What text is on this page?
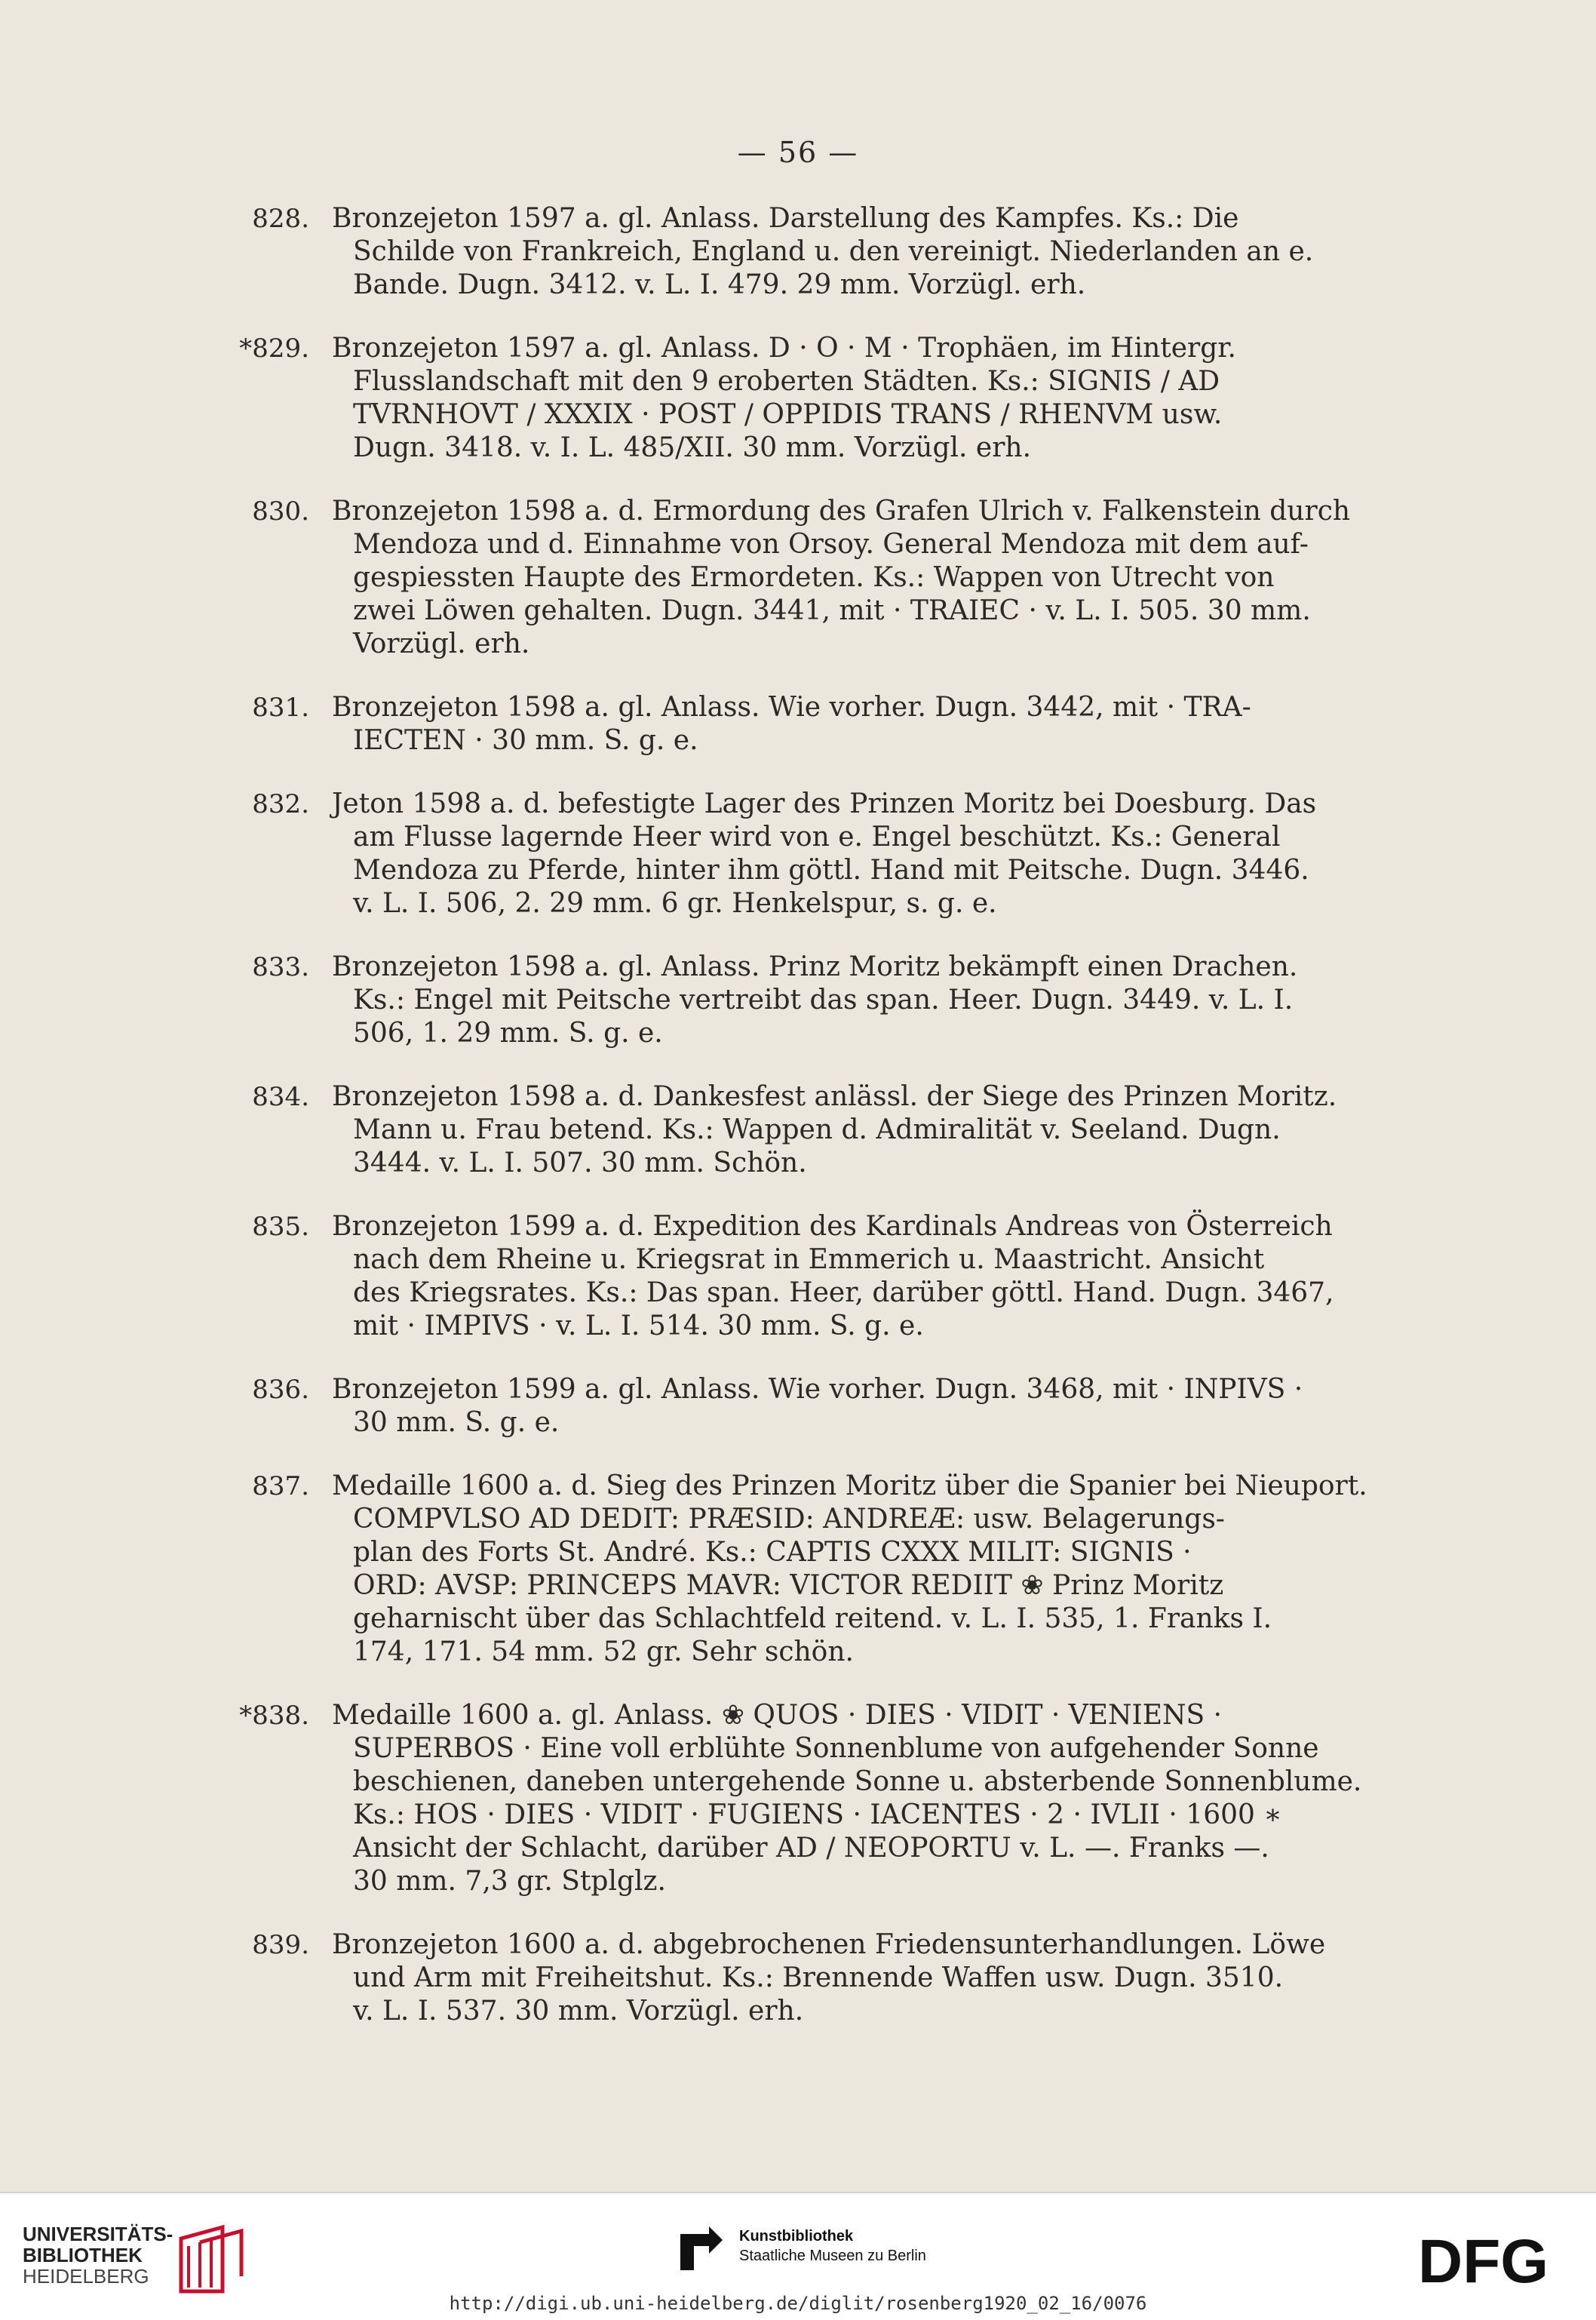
— 56 —
828. Bronzejeton 1597 a. gl. Anlass. Darstellung des Kampfes. Ks.: Die

Schilde von Frankreich, England u. den vereinigt. Niederlanden an e.

Bande. Dugn. 3412. v. L. I. 479. 29 mm. Vorzügl. erh.

*829. Bronzejeton 1597 a. gl. Anlass. D · O · M · Trophäen, im Hintergr.

Flusslandschaft mit den 9 eroberten Städten. Ks.: SIGNIS / AD

TVRNHOVT / XXXIX · POST / OPPIDIS TRANS / RHENVM usw.

Dugn. 3418. v. I. L. 485/XII. 30 mm. Vorzügl. erh.

830. Bronzejeton 1598 a. d. Ermordung des Grafen Ulrich v. Falkenstein durch

Mendoza und d. Einnahme von Orsoy. General Mendoza mit dem auf-

gespiessten Haupte des Ermordeten. Ks.: Wappen von Utrecht von

zwei Löwen gehalten. Dugn. 3441, mit · TRAIEC · v. L. I. 505. 30 mm.

Vorzügl. erh.

831. Bronzejeton 1598 a. gl. Anlass. Wie vorher. Dugn. 3442, mit · TRA-

IECTEN · 30 mm. S. g. e.

832. Jeton 1598 a. d. befestigte Lager des Prinzen Moritz bei Doesburg. Das

am Flusse lagernde Heer wird von e. Engel beschützt. Ks.: General

Mendoza zu Pferde, hinter ihm göttl. Hand mit Peitsche. Dugn. 3446.

v. L. I. 506, 2. 29 mm. 6 gr. Henkelspur, s. g. e.

833. Bronzejeton 1598 a. gl. Anlass. Prinz Moritz bekämpft einen Drachen.

Ks.: Engel mit Peitsche vertreibt das span. Heer. Dugn. 3449. v. L. I.

506, 1. 29 mm. S. g. e.

834. Bronzejeton 1598 a. d. Dankesfest anlässl. der Siege des Prinzen Moritz.

Mann u. Frau betend. Ks.: Wappen d. Admiralität v. Seeland. Dugn.

3444. v. L. I. 507. 30 mm. Schön.

835. Bronzejeton 1599 a. d. Expedition des Kardinals Andreas von Österreich

nach dem Rheine u. Kriegsrat in Emmerich u. Maastricht. Ansicht

des Kriegsrates. Ks.: Das span. Heer, darüber göttl. Hand. Dugn. 3467,

mit · IMPIVS · v. L. I. 514. 30 mm. S. g. e.

836. Bronzejeton 1599 a. gl. Anlass. Wie vorher. Dugn. 3468, mit · INPIVS ·

30 mm. S. g. e.

837. Medaille 1600 a. d. Sieg des Prinzen Moritz über die Spanier bei Nieuport.

COMPVLSO AD DEDIT: PRÆSID: ANDREÆ: usw. Belagerungs-

plan des Forts St. André. Ks.: CAPTIS CXXX MILIT: SIGNIS ·

ORD: AVSP: PRINCEPS MAVR: VICTOR REDIIT ❀ Prinz Moritz

geharnischt über das Schlachtfeld reitend. v. L. I. 535, 1. Franks I.

174, 171. 54 mm. 52 gr. Sehr schön.

*838. Medaille 1600 a. gl. Anlass. ❀ QUOS · DIES · VIDIT · VENIENS ·

SUPERBOS · Eine voll erblühte Sonnenblume von aufgehender Sonne

beschienen, daneben untergehende Sonne u. absterbende Sonnenblume.

Ks.: HOS · DIES · VIDIT · FUGIENS · IACENTES · 2 · IVLII · 1600 ∗

Ansicht der Schlacht, darüber AD / NEOPORTU v. L. —. Franks —.

30 mm. 7,3 gr. Stplglz.

839. Bronzejeton 1600 a. d. abgebrochenen Friedensunterhandlungen. Löwe

und Arm mit Freiheitshut. Ks.: Brennende Waffen usw. Dugn. 3510.

v. L. I. 537. 30 mm. Vorzügl. erh.

UNIVERSITÄTS-
BIBLIOTHEK
HEIDELBERG
Kunstbibliothek
Staatliche Museen zu Berlin	DFG
http://digi.ub.uni-heidelberg.de/diglit/rosenberg1920_02_16/0076
